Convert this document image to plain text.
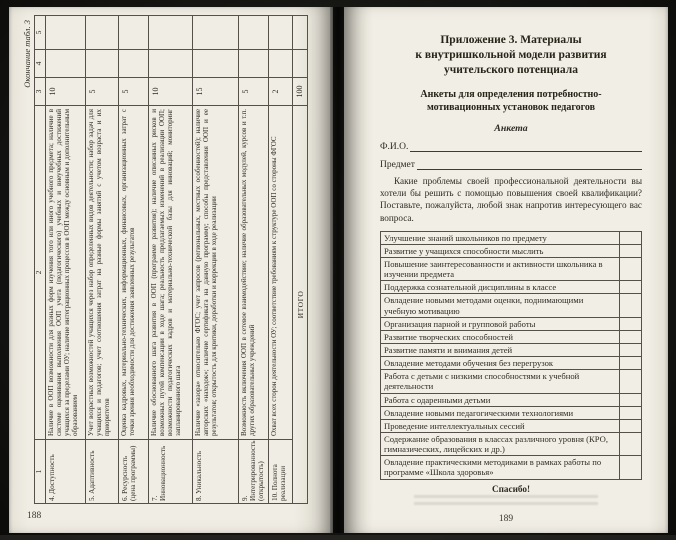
Окончание табл. 3
1	2	3	4	5
4. Доступность	Наличие в ООП возможности для разных форм изучения того или иного учебного предмета; наличие в системе оценивания выполнения ООП учета (педагогического) учебных и внеучебных достижений учащихся за пределами ОУ; наличие интеграционных процессов в ООП между основным и дополнительным образованием	10		
5. Адаптивность	Учет возрастных возможностей учащихся через набор определенных видов деятельности; набор задач для учащихся и педагогов; учет соотношения затрат на разные формы занятий с учетом возраста и их приоритетов	5		
6. Ресурсность (цена программы)	Оценка кадровых, материально-технических, информационных, финансовых, организационных затрат с точки зрения необходимости для достижения заявленных результатов	5		
7. Инновационность	Наличие обоснованного шага развития в ООП (программе развития); наличие описанных рисков и возможных путей компенсации в ходе шага; реальность предлагаемых изменений в реализации ООП; возможности педагогических кадров и материально-технической базы для инноваций; мониторинг запланированного шага	10		
8. Уникальность	Наличие «зазора» относительно ФГОС; учет запросов (региональных, местных особенностей); наличие авторских «находок»; наличие сертификата на данную программу; способы представления ООП и ее результатов; открытость для критики, доработки и коррекции в ходе реализации	15		
9. Интегрированность (открытость)	Возможность включения ООП в сетевое взаимодействие; наличие образовательных модулей, курсов и т.п. других образовательных учреждений	5		
10. Полнота реализации	Охват всех сторон деятельности ОУ; соответствие требованиям к структуре ООП со стороны ФГОС	2		
ИТОГО		100		
188
Приложение 3. Материалы
к внутришкольной модели развития
учительского потенциала
Анкеты для определения потребностно-
мотивационных установок педагогов
Анкета
Ф.И.О.
Предмет
Какие проблемы своей профессиональной деятельности вы хотели бы решить с помощью повышения своей квалификации? Поставьте, пожалуйста, любой знак напротив интересующего вас вопроса.
Улучшение знаний школьников по предмету	
Развитие у учащихся способности мыслить	
Повышение заинтересованности и активности школьника в изучении предмета	
Поддержка сознательной дисциплины в классе	
Овладение новыми методами оценки, поднимающими учебную мотивацию	
Организация парной и групповой работы	
Развитие творческих способностей	
Развитие памяти и внимания детей	
Овладение методами обучения без перегрузок	
Работа с детьми с низкими способностями к учебной деятельности	
Работа с одаренными детьми	
Овладение новыми педагогическими технологиями	
Проведение интеллектуальных сессий	
Содержание образования в классах различного уровня (КРО, гимназических, лицейских и др.)	
Овладение практическими методиками в рамках работы по программе «Школа здоровья»	
Спасибо!
189
